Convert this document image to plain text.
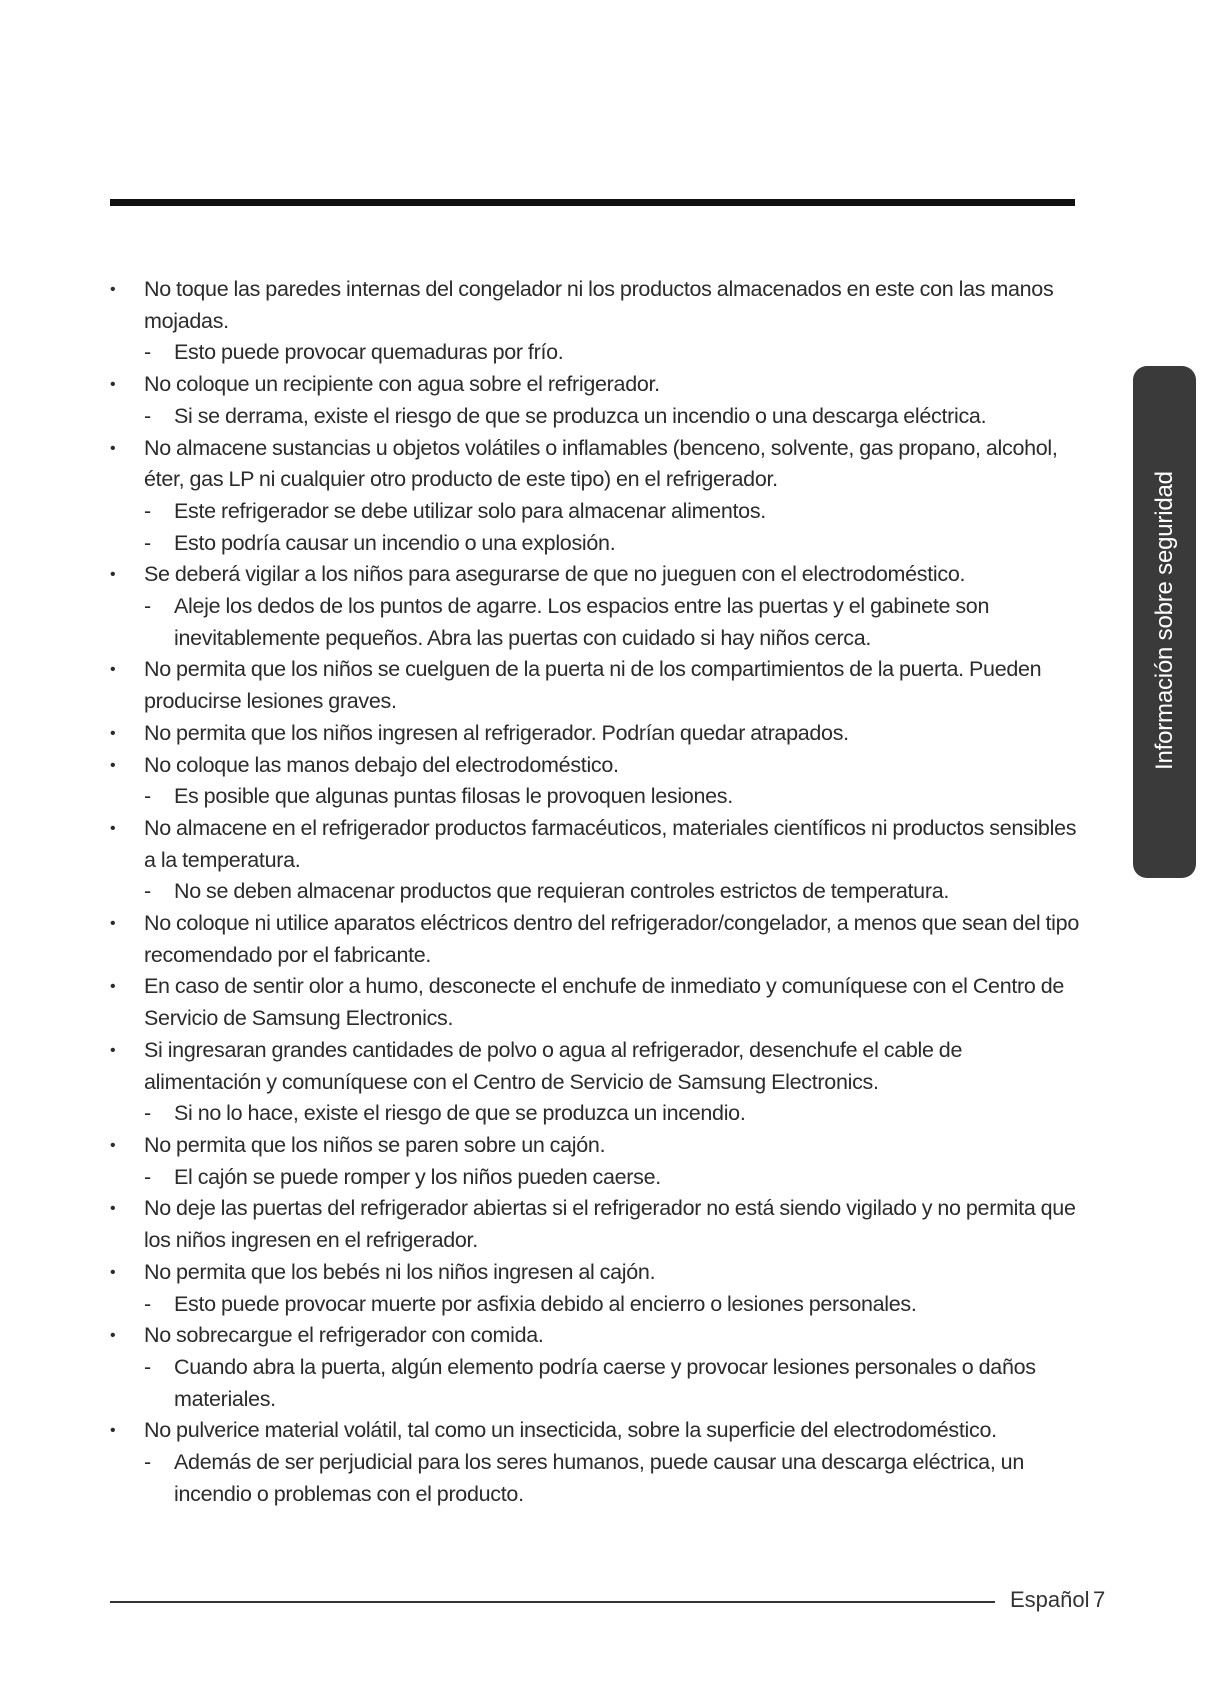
•	No toque las paredes internas del congelador ni los productos almacenados en este con las manos mojadas.
-	Esto puede provocar quemaduras por frío.
•	No coloque un recipiente con agua sobre el refrigerador.
-	Si se derrama, existe el riesgo de que se produzca un incendio o una descarga eléctrica.
•	No almacene sustancias u objetos volátiles o inflamables (benceno, solvente, gas propano, alcohol, éter, gas LP ni cualquier otro producto de este tipo) en el refrigerador.
-	Este refrigerador se debe utilizar solo para almacenar alimentos.
-	Esto podría causar un incendio o una explosión.
•	Se deberá vigilar a los niños para asegurarse de que no jueguen con el electrodoméstico.
-	Aleje los dedos de los puntos de agarre. Los espacios entre las puertas y el gabinete son inevitablemente pequeños. Abra las puertas con cuidado si hay niños cerca.
•	No permita que los niños se cuelguen de la puerta ni de los compartimientos de la puerta. Pueden producirse lesiones graves.
•	No permita que los niños ingresen al refrigerador. Podrían quedar atrapados.
•	No coloque las manos debajo del electrodoméstico.
-	Es posible que algunas puntas filosas le provoquen lesiones.
•	No almacene en el refrigerador productos farmacéuticos, materiales científicos ni productos sensibles a la temperatura.
-	No se deben almacenar productos que requieran controles estrictos de temperatura.
•	No coloque ni utilice aparatos eléctricos dentro del refrigerador/congelador, a menos que sean del tipo recomendado por el fabricante.
•	En caso de sentir olor a humo, desconecte el enchufe de inmediato y comuníquese con el Centro de Servicio de Samsung Electronics.
•	Si ingresaran grandes cantidades de polvo o agua al refrigerador, desenchufe el cable de alimentación y comuníquese con el Centro de Servicio de Samsung Electronics.
-	Si no lo hace, existe el riesgo de que se produzca un incendio.
•	No permita que los niños se paren sobre un cajón.
-	El cajón se puede romper y los niños pueden caerse.
•	No deje las puertas del refrigerador abiertas si el refrigerador no está siendo vigilado y no permita que los niños ingresen en el refrigerador.
•	No permita que los bebés ni los niños ingresen al cajón.
-	Esto puede provocar muerte por asfixia debido al encierro o lesiones personales.
•	No sobrecargue el refrigerador con comida.
-	Cuando abra la puerta, algún elemento podría caerse y provocar lesiones personales o daños materiales.
•	No pulverice material volátil, tal como un insecticida, sobre la superficie del electrodoméstico.
-	Además de ser perjudicial para los seres humanos, puede causar una descarga eléctrica, un incendio o problemas con el producto.
Información sobre seguridad
Español 7
